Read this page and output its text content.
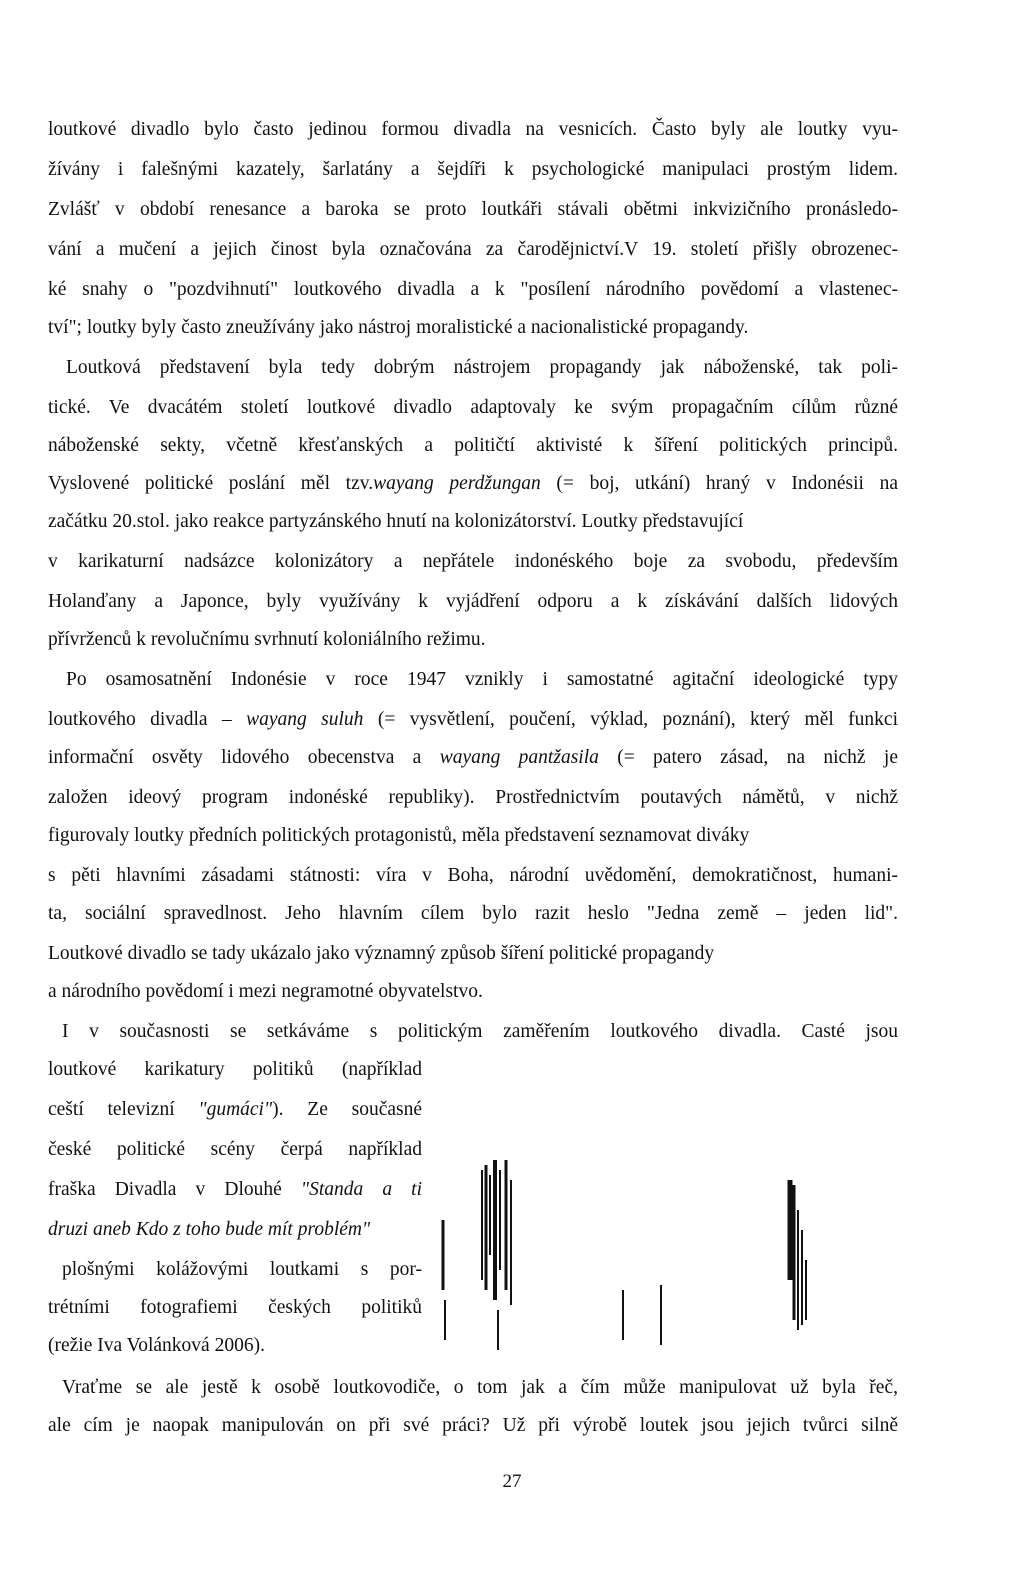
loutkové divadlo bylo často jedinou formou divadla na vesnicích. Často byly ale loutky vyu-

žívány i falešnými kazately, šarlatány a šejdíři k psychologické manipulaci prostým lidem.

Zvlášť v období renesance a baroka se proto loutkáři stávali obětmi inkvizičního pronásledo-

vání a mučení a jejich činost byla označována za čarodějnictví.V 19. století přišly obrozenec-

ké snahy o "pozdvihnutí" loutkového divadla a k "posílení národního povědomí a vlastenec-

tví"; loutky byly často zneužívány jako nástroj moralistické a nacionalistické propagandy.

Loutková představení byla tedy dobrým nástrojem propagandy jak náboženské, tak poli-

tické. Ve dvacátém století loutkové divadlo adaptovaly ke svým propagačním cílům různé

náboženské sekty, včetně křesťanských a političtí aktivisté k šíření politických principů.

Vyslovené politické poslání měl tzv.wayang perdžungan (= boj, utkání) hraný v Indonésii na

začátku 20.stol. jako reakce partyzánského hnutí na kolonizátorství. Loutky představující

v karikaturní nadsázce kolonizátory a nepřátele indonéského boje za svobodu, především

Holanďany a Japonce, byly využívány k vyjádření odporu a k získávání dalších lidových

přívrženců k revolučnímu svrhnutí koloniálního režimu.

Po osamosatnění Indonésie v roce 1947 vznikly i samostatné agitační ideologické typy

loutkového divadla – wayang suluh (= vysvětlení, poučení, výklad, poznání), který měl funkci

informační osvěty lidového obecenstva a wayang pantžasila (= patero zásad, na nichž je

založen ideový program indonéské republiky). Prostřednictvím poutavých námětů, v nichž

figurovaly loutky předních politických protagonistů, měla představení seznamovat diváky

s pěti hlavními zásadami státnosti: víra v Boha, národní uvědomění, demokratičnost, humani-

ta, sociální spravedlnost. Jeho hlavním cílem bylo razit heslo "Jedna země – jeden lid".

Loutkové divadlo se tady ukázalo jako významný způsob šíření politické propagandy

a národního povědomí i mezi negramotné obyvatelstvo.

I v současnosti se setkáváme s politickým zaměřením loutkového divadla. Casté jsou

loutkové karikatury politiků (například

ceští televizní "gumáci"). Ze současné

české politické scény čerpá například

fraška Divadla v Dlouhé "Standa a ti

druzi aneb Kdo z toho bude mít problém"

plošnými kolážovými loutkami s por-

trétními fotografiemi českých politiků

(režie Iva Volánková 2006).

Vraťme se ale jestě k osobě loutkovodiče, o tom jak a čím může manipulovat už byla řeč,

ale cím je naopak manipulován on při své práci? Už při výrobě loutek jsou jejich tvůrci silně

27
